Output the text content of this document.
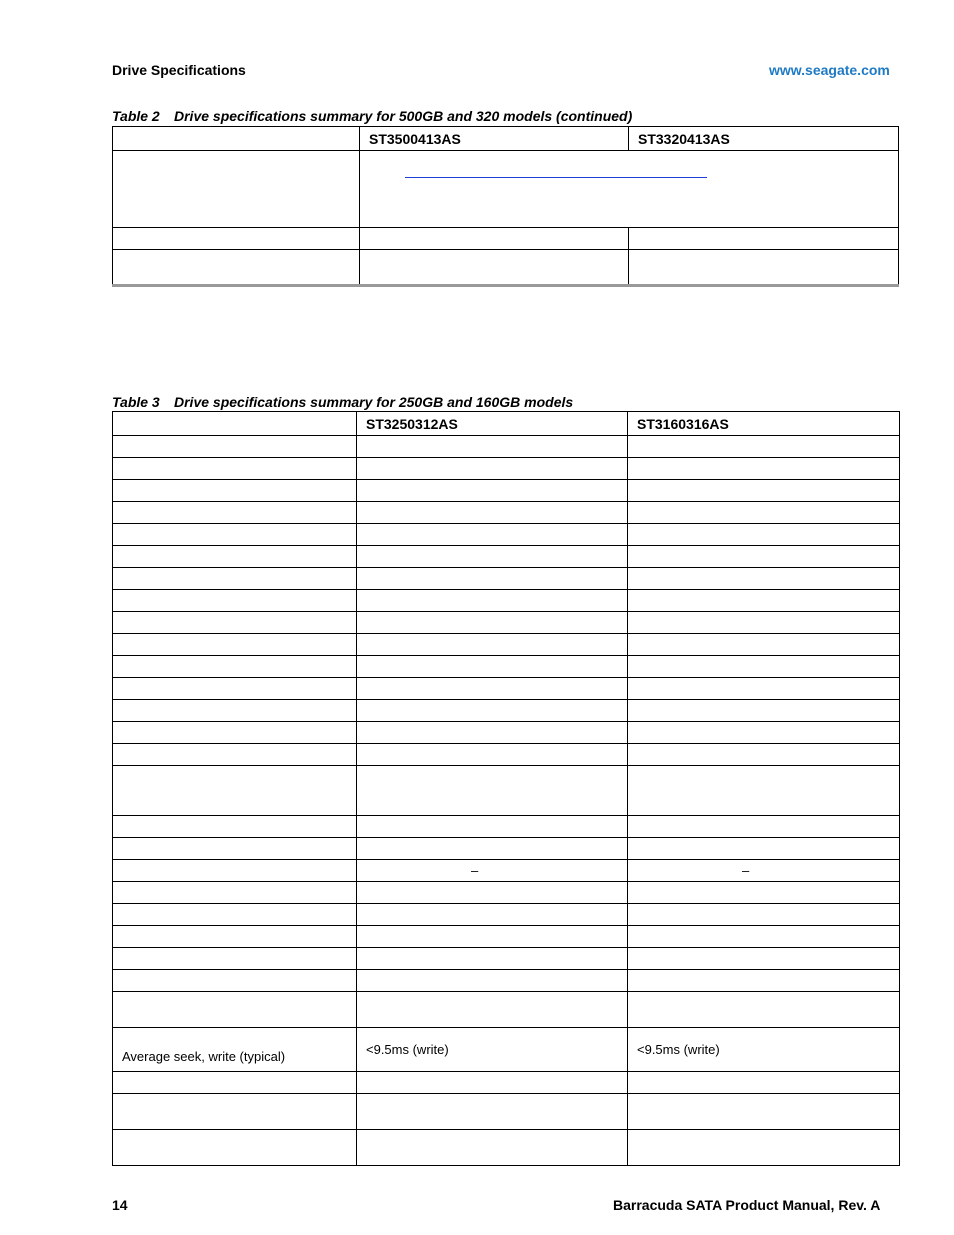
Drive Specifications	www.seagate.com
Table 2 Drive specifications summary for 500GB and 320 models (continued)
	ST3500413AS	ST3320413AS

Table 3 Drive specifications summary for 250GB and 160GB models
	ST3250312AS	ST3160316AS

	–	–

Average seek, write (typical)	<9.5ms (write)	<9.5ms (write)

14	Barracuda SATA Product Manual, Rev. A
